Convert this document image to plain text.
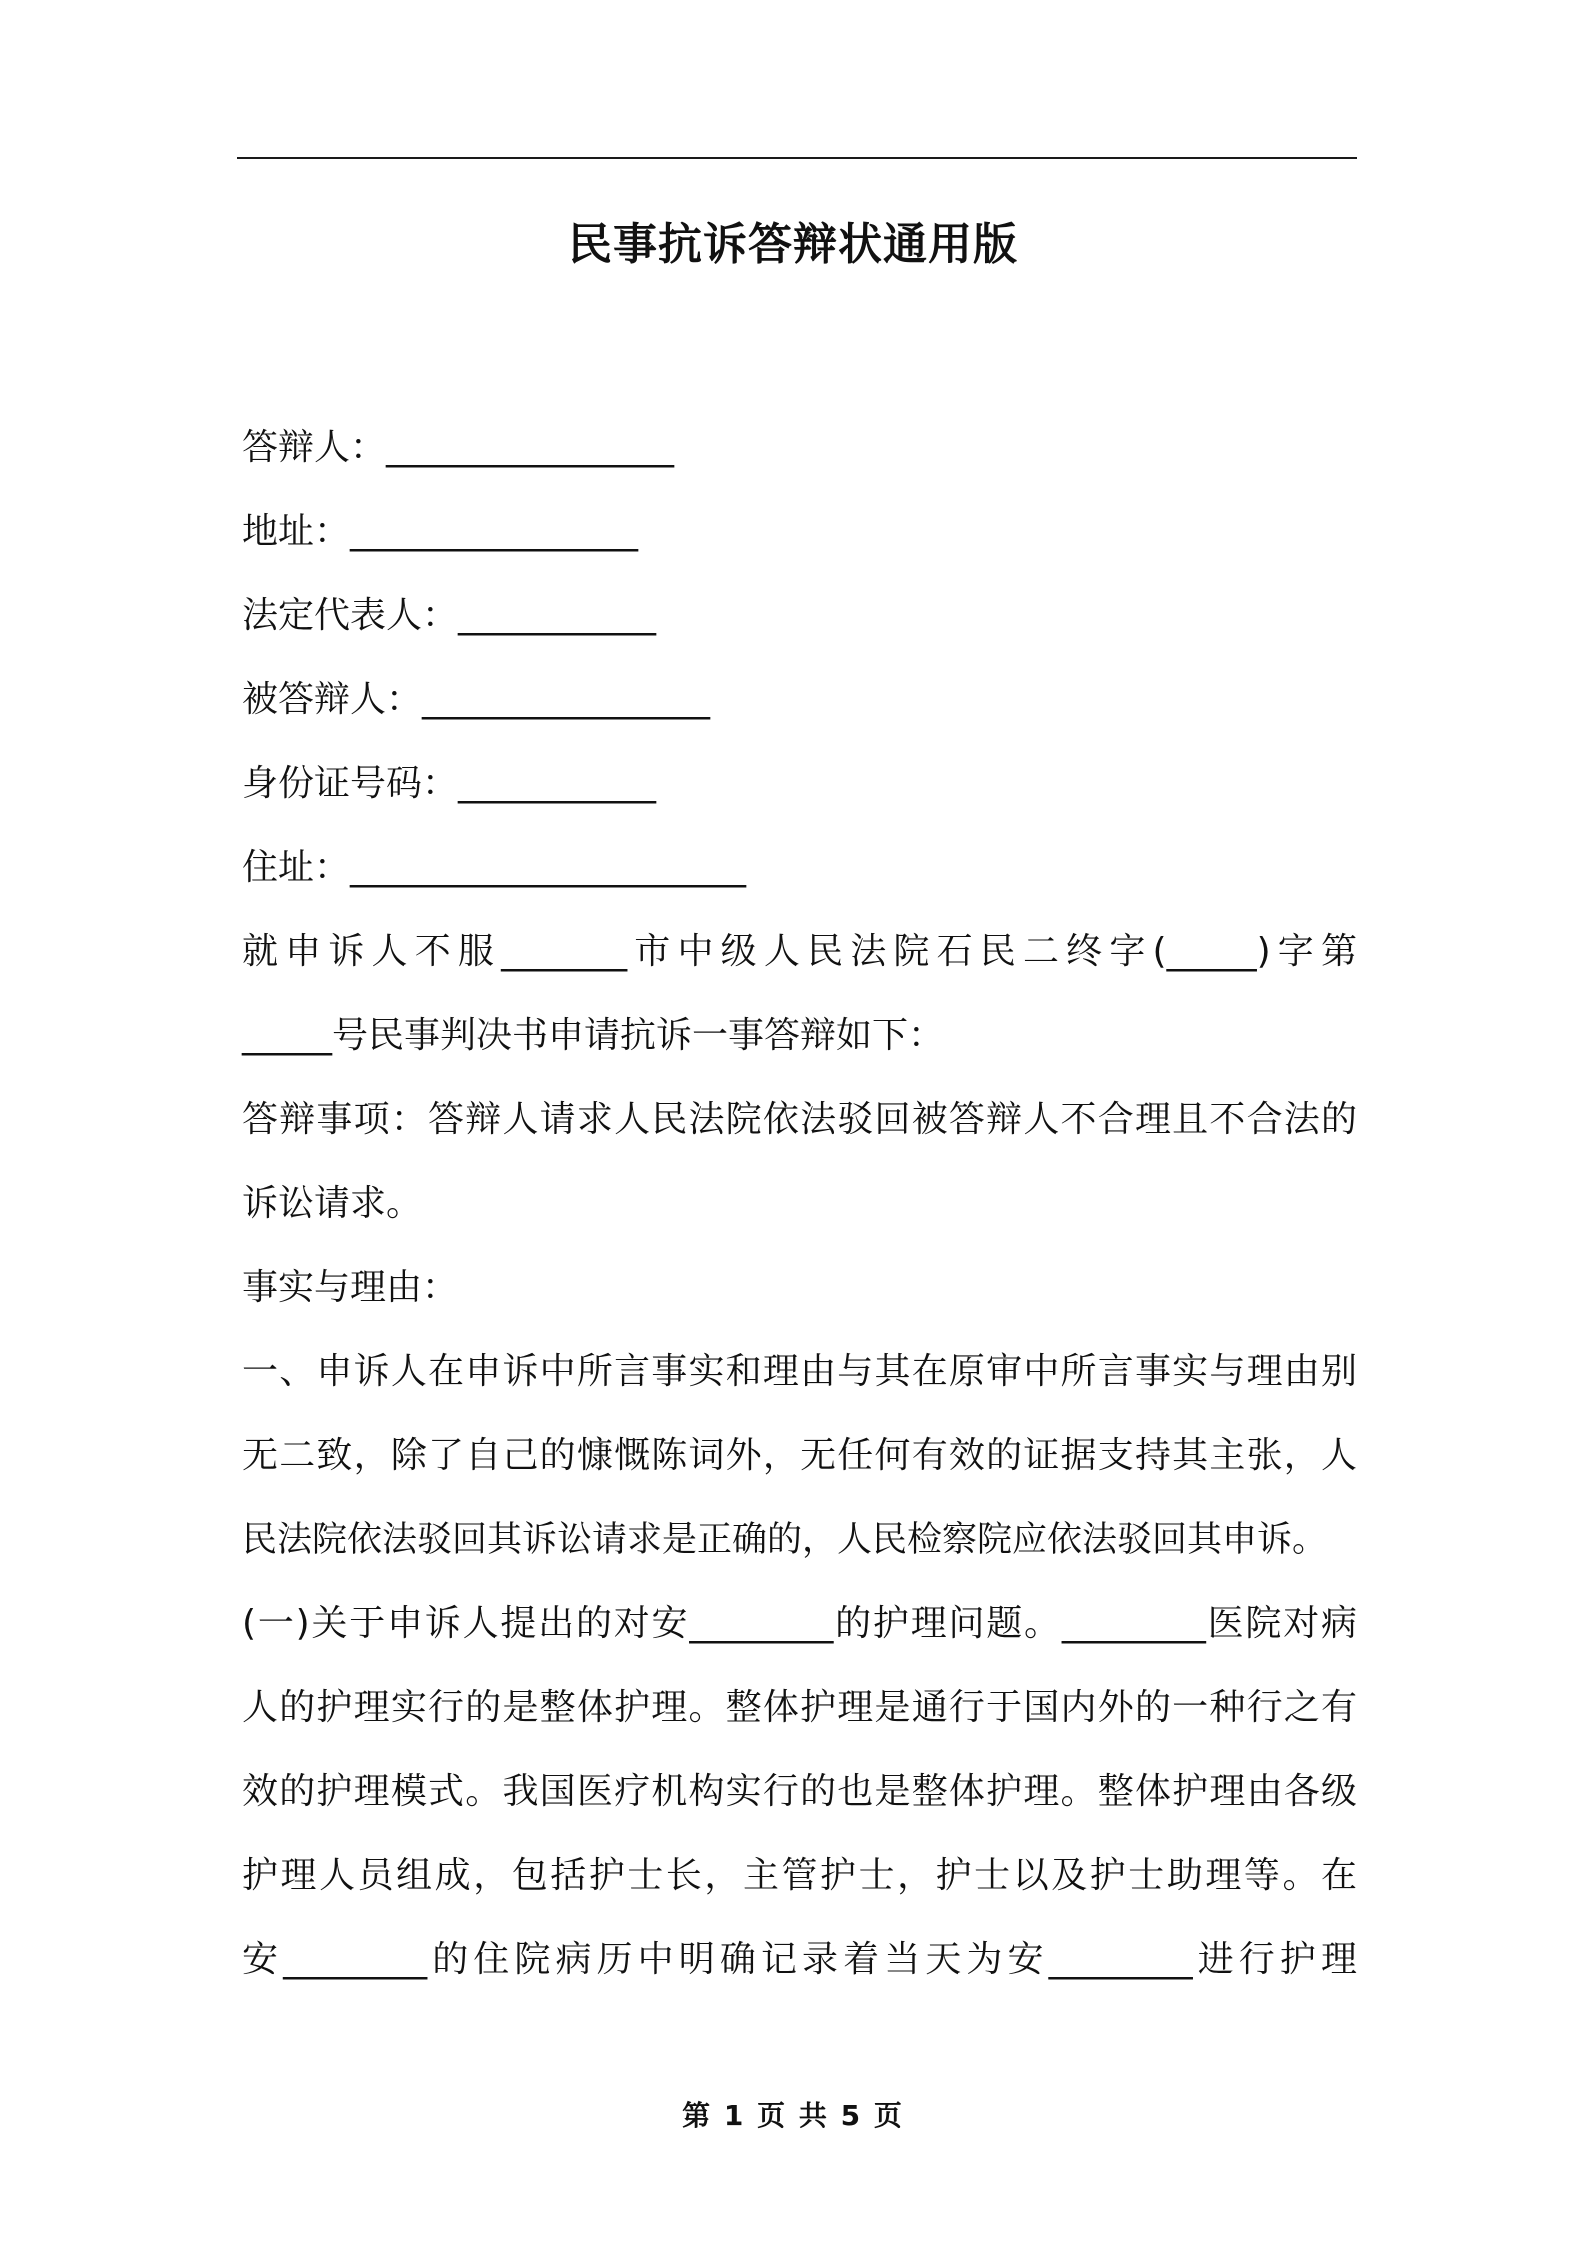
民事抗诉答辩状通用版

答辩人：________________

地址：________________

法定代表人：___________

被答辩人：________________

身份证号码：___________

住址：______________________

就申诉人不服_______市中级人民法院石民二终字(_____)字第

_____号民事判决书申请抗诉一事答辩如下：

答辩事项：答辩人请求人民法院依法驳回被答辩人不合理且不合法的

诉讼请求。

事实与理由：

一、申诉人在申诉中所言事实和理由与其在原审中所言事实与理由别

无二致，除了自己的慷慨陈词外，无任何有效的证据支持其主张，人

民法院依法驳回其诉讼请求是正确的，人民检察院应依法驳回其申诉。

(一)关于申诉人提出的对安________的护理问题。________医院对病

人的护理实行的是整体护理。整体护理是通行于国内外的一种行之有

效的护理模式。我国医疗机构实行的也是整体护理。整体护理由各级

护理人员组成，包括护士长，主管护士，护士以及护士助理等。在

安________的住院病历中明确记录着当天为安________进行护理

第 1 页 共 5 页
